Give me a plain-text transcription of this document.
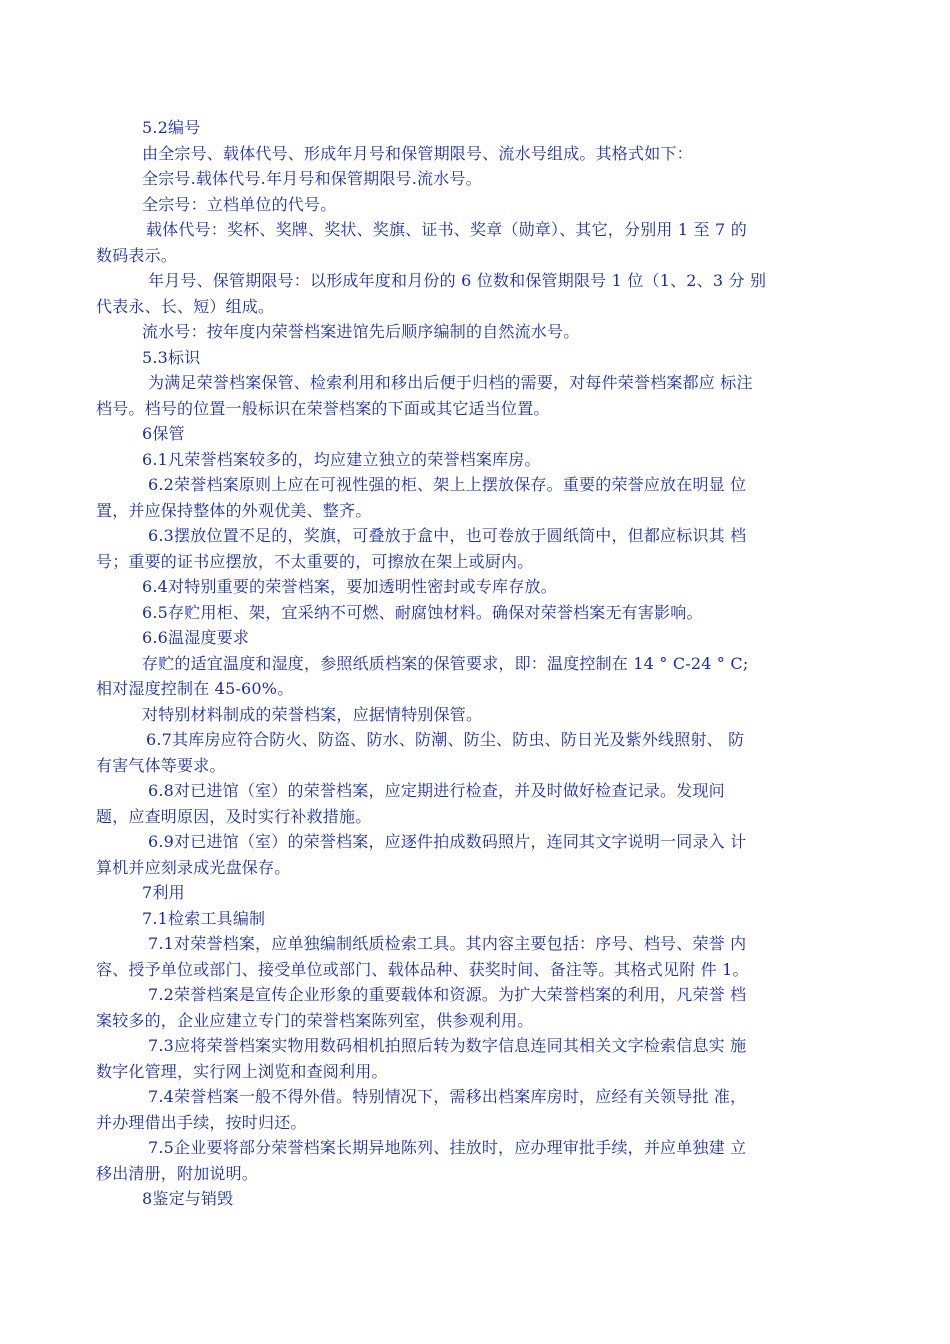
5.2编号
由全宗号、载体代号、形成年月号和保管期限号、流水号组成。其格式如下：
全宗号.载体代号.年月号和保管期限号.流水号。
全宗号：立档单位的代号。
载体代号：奖杯、奖牌、奖状、奖旗、证书、奖章（勋章）、其它，分别用 1 至 7 的
数码表示。
年月号、保管期限号：以形成年度和月份的 6 位数和保管期限号 1 位（1、2、3 分 别
代表永、长、短）组成。
流水号：按年度内荣誉档案进馆先后顺序编制的自然流水号。
5.3标识
为满足荣誉档案保管、检索利用和移出后便于归档的需要，对每件荣誉档案都应 标注
档号。档号的位置一般标识在荣誉档案的下面或其它适当位置。
6保管
6.1凡荣誉档案较多的，均应建立独立的荣誉档案库房。
6.2荣誉档案原则上应在可视性强的柜、架上上摆放保存。重要的荣誉应放在明显 位
置，并应保持整体的外观优美、整齐。
6.3摆放位置不足的，奖旗，可叠放于盒中，也可卷放于圆纸筒中，但都应标识其 档
号；重要的证书应摆放，不太重要的，可擦放在架上或厨内。
6.4对特别重要的荣誉档案，要加透明性密封或专库存放。
6.5存贮用柜、架，宜采纳不可燃、耐腐蚀材料。确保对荣誉档案无有害影响。
6.6温湿度要求
存贮的适宜温度和湿度，参照纸质档案的保管要求，即：温度控制在 14 ° C-24 ° C;
相对湿度控制在 45-60%。
对特别材料制成的荣誉档案，应据情特别保管。
6.7其库房应符合防火、防盗、防水、防潮、防尘、防虫、防日光及紫外线照射、 防
有害气体等要求。
6.8对已进馆（室）的荣誉档案，应定期进行检查，并及时做好检查记录。发现问
题，应查明原因，及时实行补救措施。
6.9对已进馆（室）的荣誉档案，应逐件拍成数码照片，连同其文字说明一同录入 计
算机并应刻录成光盘保存。
7利用
7.1检索工具编制
7.1对荣誉档案，应单独编制纸质检索工具。其内容主要包括：序号、档号、荣誉 内
容、授予单位或部门、接受单位或部门、载体品种、获奖时间、备注等。其格式见附 件 1。
7.2荣誉档案是宣传企业形象的重要载体和资源。为扩大荣誉档案的利用，凡荣誉 档
案较多的，企业应建立专门的荣誉档案陈列室，供参观利用。
7.3应将荣誉档案实物用数码相机拍照后转为数字信息连同其相关文字检索信息实 施
数字化管理，实行网上浏览和查阅利用。
7.4荣誉档案一般不得外借。特别情况下，需移出档案库房时，应经有关领导批 准，
并办理借出手续，按时归还。
7.5企业要将部分荣誉档案长期异地陈列、挂放时，应办理审批手续，并应单独建 立
移出清册，附加说明。
8鉴定与销毁
